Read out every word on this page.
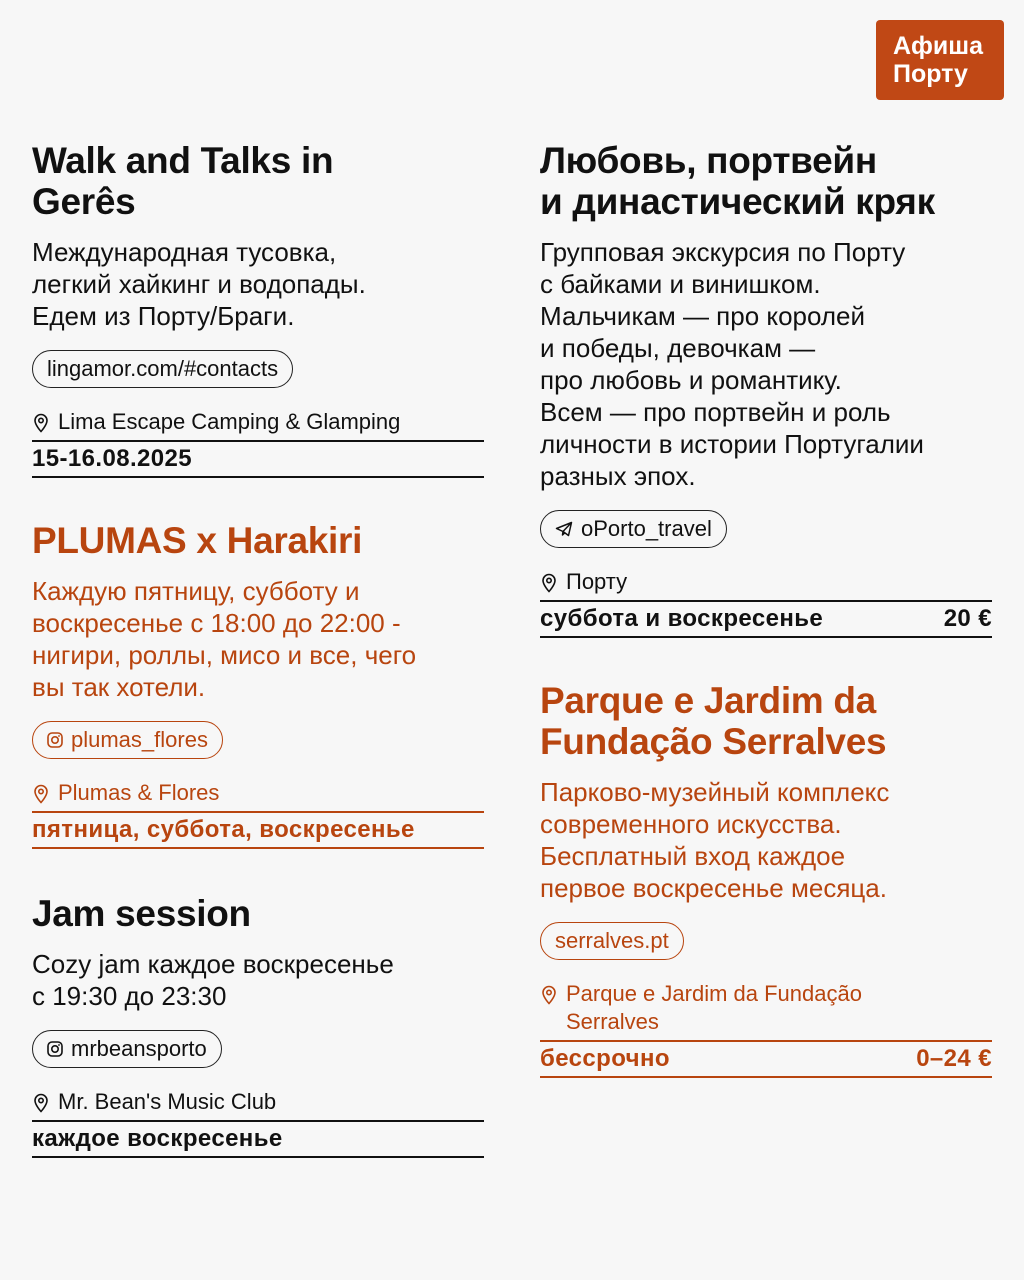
Афиша
Порту
Walk and Talks in
Gerês

Международная тусовка,
легкий хайкинг и водопады.
Едем из Порту/Браги.

lingamor.com/#contacts
Lima Escape Camping & Glamping
15-16.08.2025
PLUMAS x Harakiri

Каждую пятницу, субботу и
воскресенье с 18:00 до 22:00 -
нигири, роллы, мисо и все, чего
вы так хотели.

plumas_flores
Plumas & Flores
пятница, суббота, воскресенье
Jam session

Cozy jam каждое воскресенье
с 19:30 до 23:30

mrbeansporto
Mr. Bean's Music Club
каждое воскресенье
Любовь, портвейн
и династический кряк

Групповая экскурсия по Порту
с байками и винишком.
Мальчикам — про королей
и победы, девочкам —
про любовь и романтику.
Всем — про портвейн и роль
личности в истории Португалии
разных эпох.

oPorto_travel
Порту
суббота и воскресенье	20 €
Parque e Jardim da
Fundação Serralves

Парково-музейный комплекс
современного искусства.
Бесплатный вход каждое
первое воскресенье месяца.

serralves.pt
Parque e Jardim da Fundação
Serralves
бессрочно	0–24 €
